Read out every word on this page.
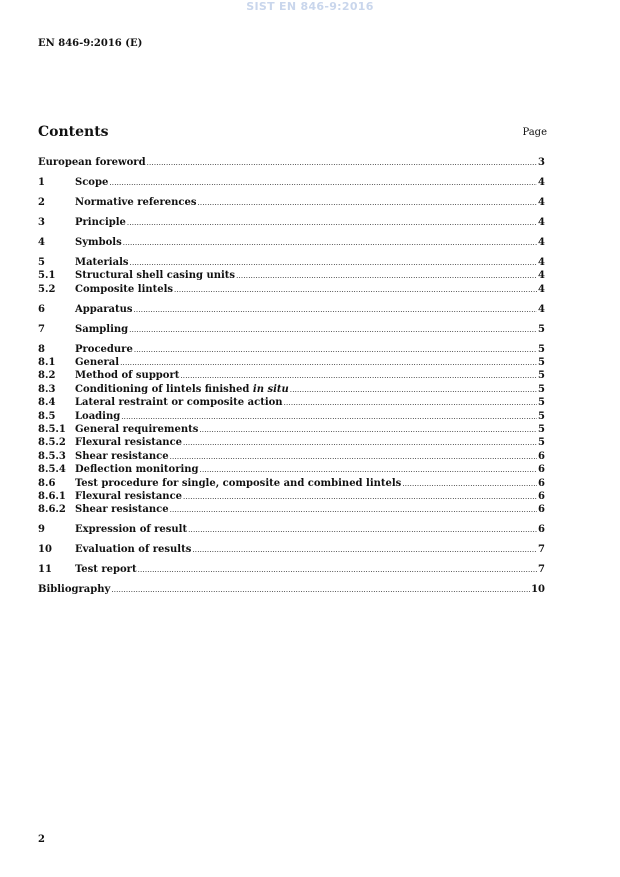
SIST EN 846-9:2016
EN 846-9:2016 (E)
Contents	Page
European foreword .....	3
1	Scope .....	4
2	Normative references .....	4
3	Principle .....	4
4	Symbols .....	4
5	Materials .....	4
5.1	Structural shell casing units .....	4
5.2	Composite lintels .....	4
6	Apparatus .....	4
7	Sampling .....	5
8	Procedure .....	5
8.1	General .....	5
8.2	Method of support .....	5
8.3	Conditioning of lintels finished in situ .....	5
8.4	Lateral restraint or composite action .....	5
8.5	Loading .....	5
8.5.1 General requirements .....	5
8.5.2 Flexural resistance .....	5
8.5.3 Shear resistance .....	6
8.5.4 Deflection monitoring .....	6
8.6	Test procedure for single, composite and combined lintels .....	6
8.6.1 Flexural resistance .....	6
8.6.2 Shear resistance .....	6
9	Expression of result .....	6
10	Evaluation of results .....	7
11	Test report .....	7
Bibliography .....	10
2
